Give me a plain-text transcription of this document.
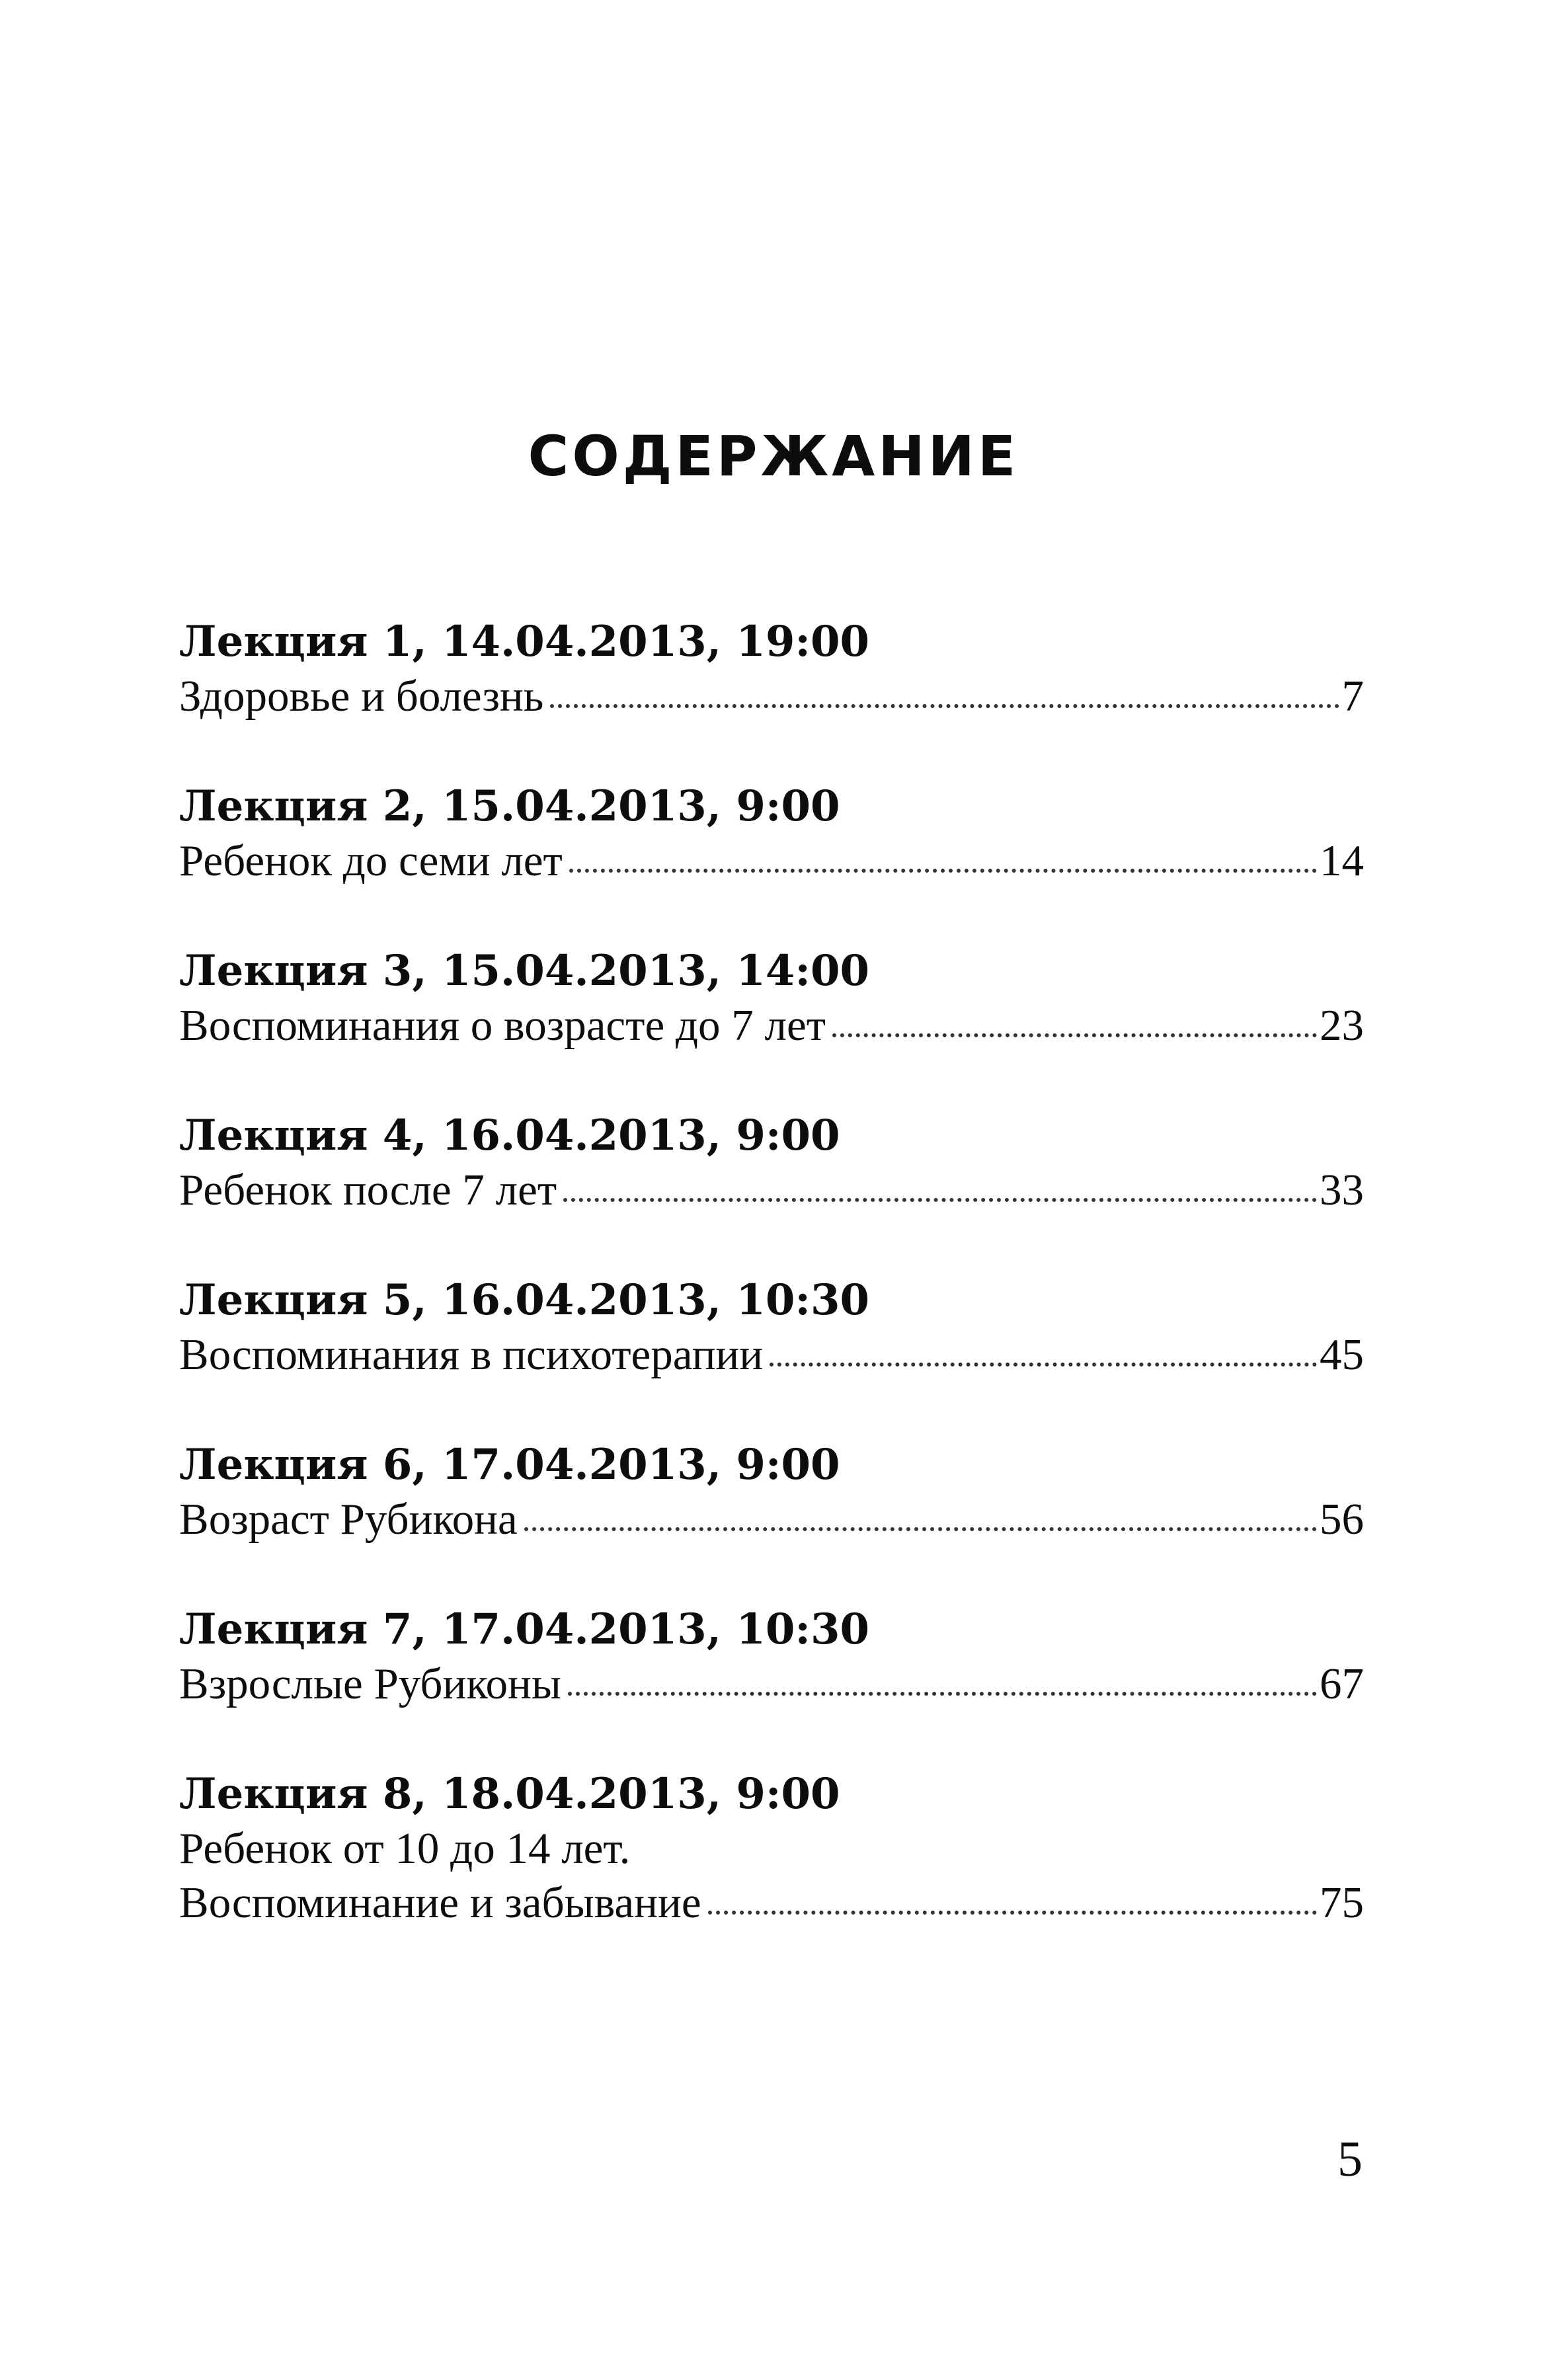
СОДЕРЖАНИЕ
Лекция 1, 14.04.2013, 19:00
Здоровье и болезнь	7
Лекция 2, 15.04.2013, 9:00
Ребенок до семи лет	14
Лекция 3, 15.04.2013, 14:00
Воспоминания о возрасте до 7 лет	23
Лекция 4, 16.04.2013, 9:00
Ребенок после 7 лет	33
Лекция 5, 16.04.2013, 10:30
Воспоминания в психотерапии	45
Лекция 6, 17.04.2013, 9:00
Возраст Рубикона	56
Лекция 7, 17.04.2013, 10:30
Взрослые Рубиконы	67
Лекция 8, 18.04.2013, 9:00
Ребенок от 10 до 14 лет.
Воспоминание и забывание	75
5
